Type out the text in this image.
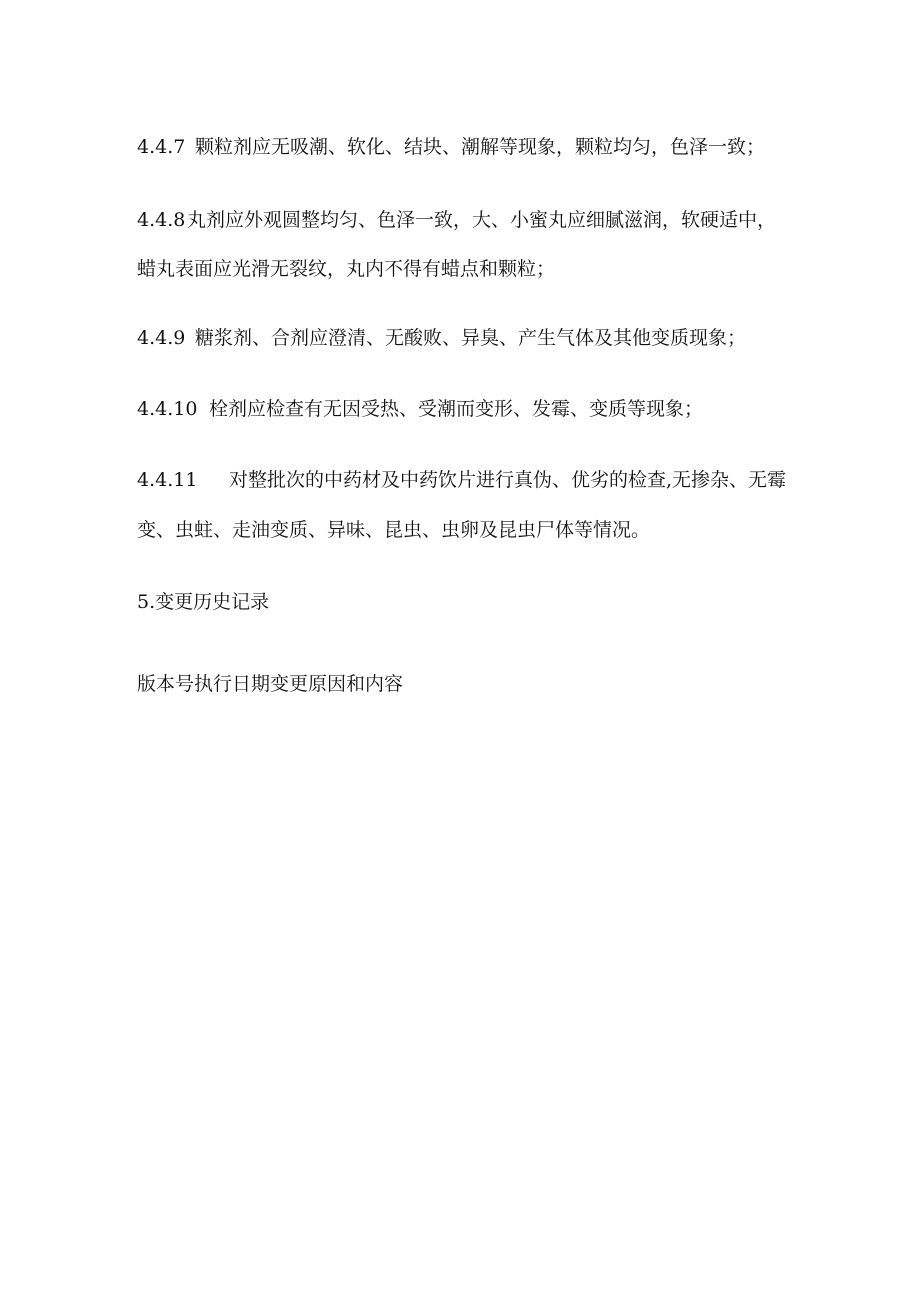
4.4.7 颗粒剂应无吸潮、软化、结块、潮解等现象，颗粒均匀，色泽一致；
4.4.8丸剂应外观圆整均匀、色泽一致，大、小蜜丸应细腻滋润，软硬适中，
蜡丸表面应光滑无裂纹，丸内不得有蜡点和颗粒；
4.4.9 糖浆剂、合剂应澄清、无酸败、异臭、产生气体及其他变质现象；
4.4.10 栓剂应检查有无因受热、受潮而变形、发霉、变质等现象；
4.4.11 对整批次的中药材及中药饮片进行真伪、优劣的检查,无掺杂、无霉
变、虫蛀、走油变质、异味、昆虫、虫卵及昆虫尸体等情况。
5.变更历史记录
版本号执行日期变更原因和内容
